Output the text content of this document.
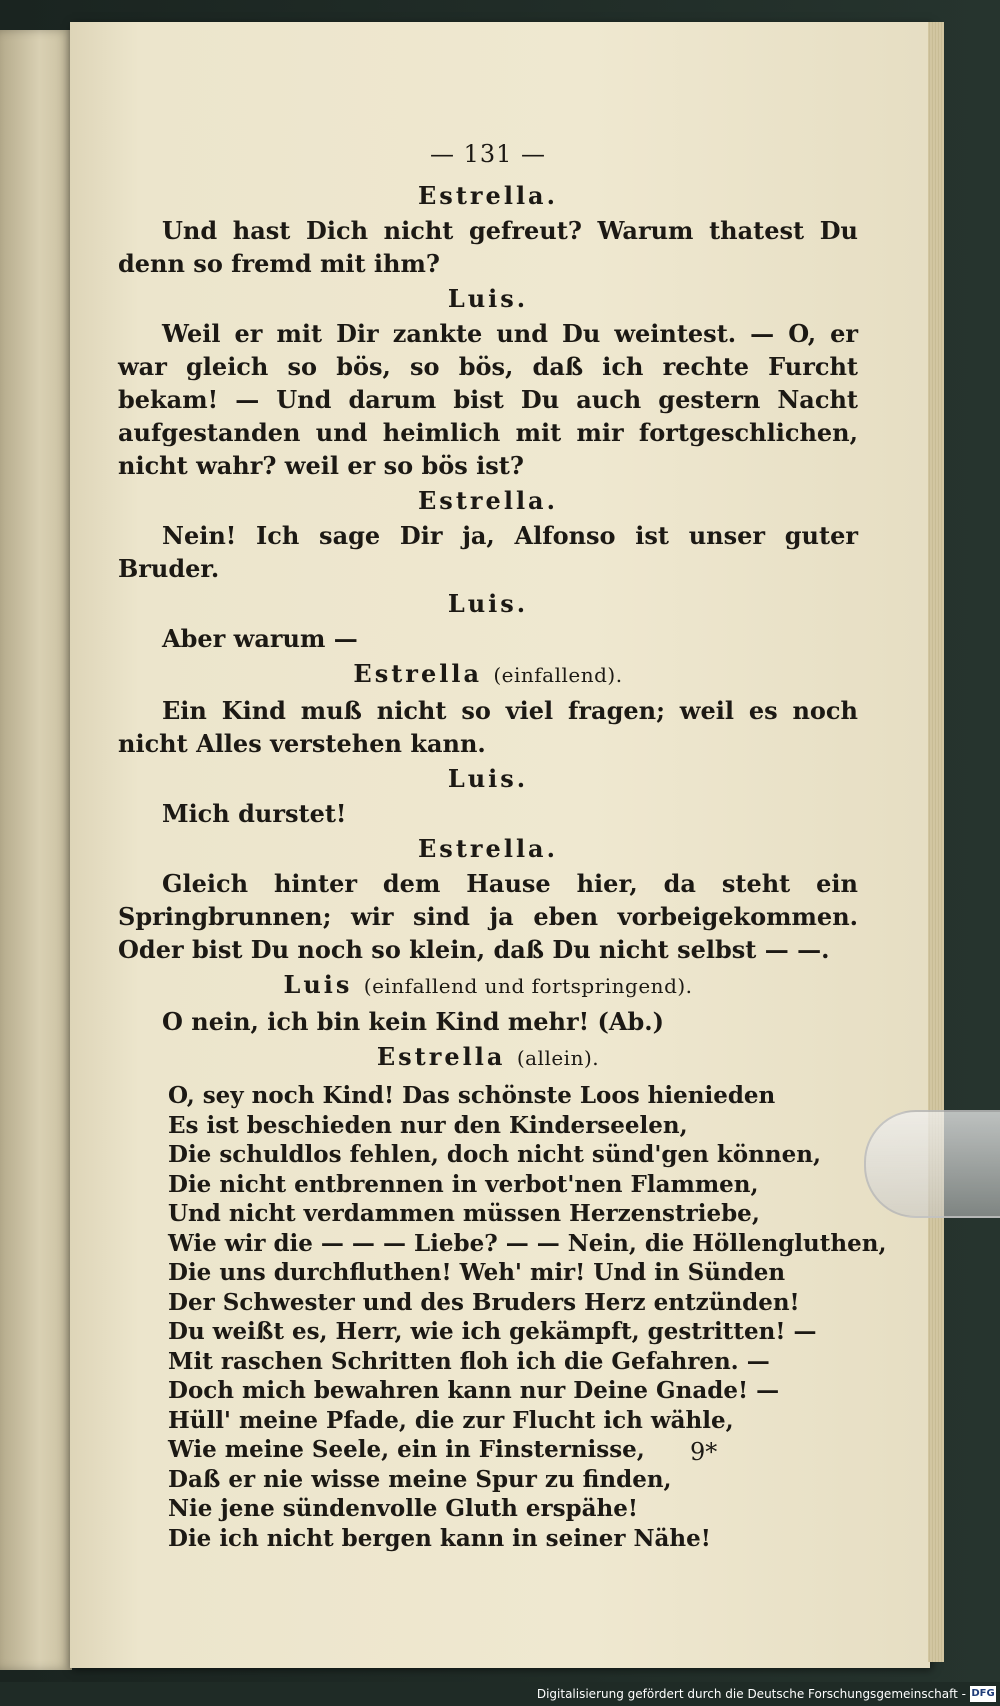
— 131 —
Estrella.

Und hast Dich nicht gefreut? Warum thatest Du denn so fremd mit ihm?

Luis.

Weil er mit Dir zankte und Du weintest. — O, er war gleich so bös, so bös, daß ich rechte Furcht bekam! — Und darum bist Du auch gestern Nacht aufgestanden und heimlich mit mir fortgeschlichen, nicht wahr? weil er so bös ist?

Estrella.

Nein! Ich sage Dir ja, Alfonso ist unser guter Bruder.

Luis.

Aber warum —

Estrella (einfallend).

Ein Kind muß nicht so viel fragen; weil es noch nicht Alles verstehen kann.

Luis.

Mich durstet!

Estrella.

Gleich hinter dem Hause hier, da steht ein Springbrunnen; wir sind ja eben vorbeigekommen. Oder bist Du noch so klein, daß Du nicht selbst — —.

Luis (einfallend und fortspringend).

O nein, ich bin kein Kind mehr! (Ab.)

Estrella (allein).
O, sey noch Kind! Das schönste Loos hienieden
Es ist beschieden nur den Kinderseelen,
Die schuldlos fehlen, doch nicht sünd'gen können,
Die nicht entbrennen in verbot'nen Flammen,
Und nicht verdammen müssen Herzenstriebe,
Wie wir die — — — Liebe? — — Nein, die Höllengluthen,
Die uns durchfluthen! Weh' mir! Und in Sünden
Der Schwester und des Bruders Herz entzünden!
Du weißt es, Herr, wie ich gekämpft, gestritten! —
Mit raschen Schritten floh ich die Gefahren. —
Doch mich bewahren kann nur Deine Gnade! —
Hüll' meine Pfade, die zur Flucht ich wähle,
Wie meine Seele, ein in Finsternisse,
Daß er nie wisse meine Spur zu finden,
Nie jene sündenvolle Gluth erspähe!
Die ich nicht bergen kann in seiner Nähe!
9*
Digitalisierung gefördert durch die Deutsche Forschungsgemeinschaft - DFG
